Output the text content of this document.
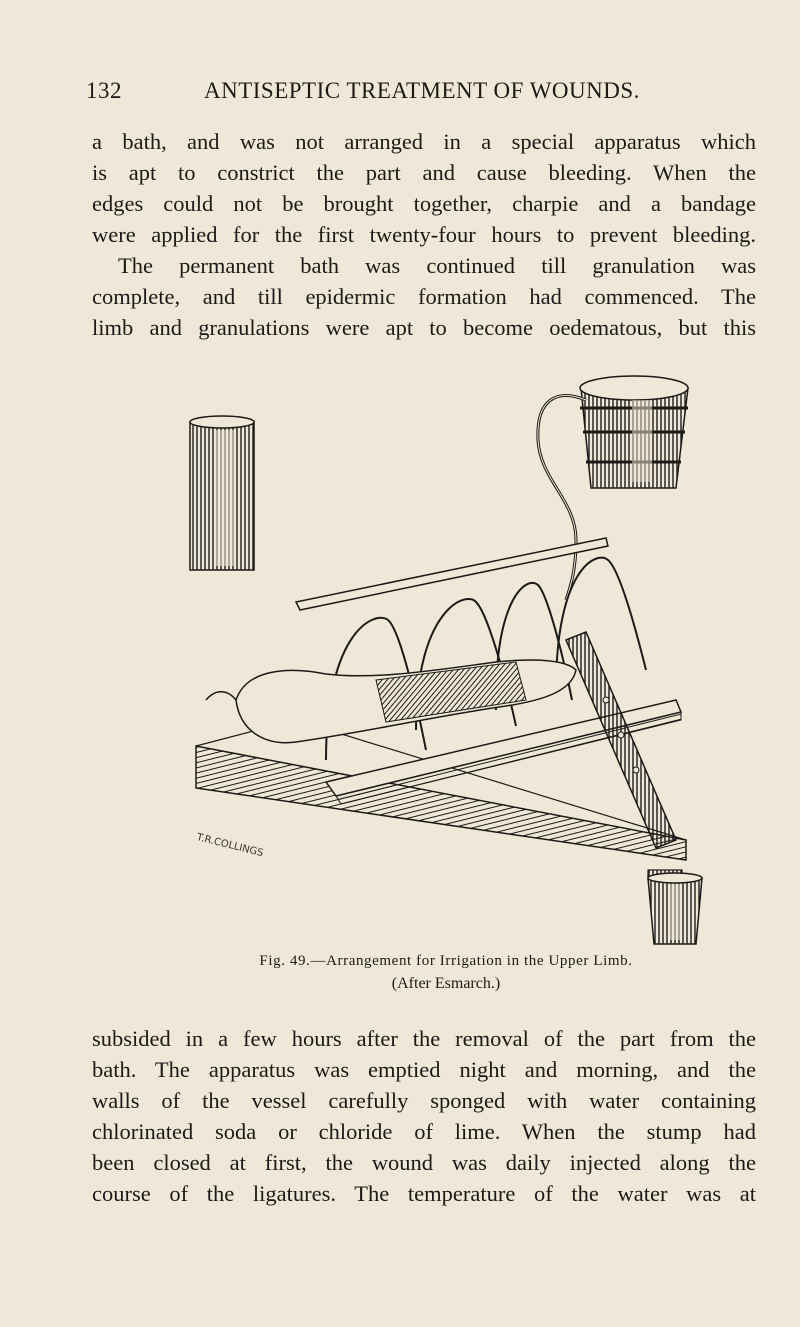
132	ANTISEPTIC TREATMENT OF WOUNDS.
a bath, and was not arranged in a special apparatus which
is apt to constrict the part and cause bleeding. When the
edges could not be brought together, charpie and a bandage
were applied for the first twenty-four hours to prevent bleeding.
The permanent bath was continued till granulation was
complete, and till epidermic formation had commenced. The
limb and granulations were apt to become oedematous, but this
T.R.COLLINGS
Fig. 49.—Arrangement for Irrigation in the Upper Limb.
(After Esmarch.)
subsided in a few hours after the removal of the part from the
bath. The apparatus was emptied night and morning, and the
walls of the vessel carefully sponged with water containing
chlorinated soda or chloride of lime. When the stump had
been closed at first, the wound was daily injected along the
course of the ligatures. The temperature of the water was at
